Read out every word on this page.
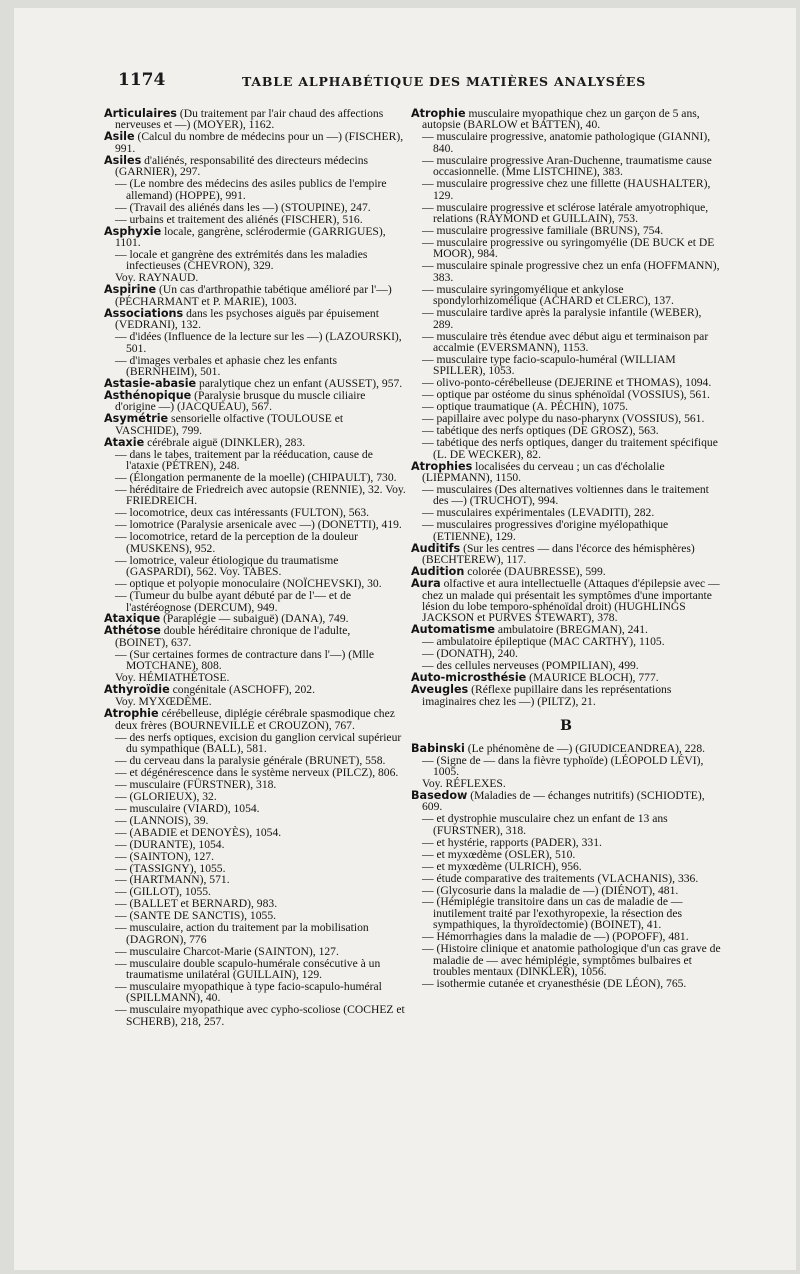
1174	TABLE ALPHABÉTIQUE DES MATIÈRES ANALYSÉES
Articulaires (Du traitement par l'air chaud des affections nerveuses et —) (MOYER), 1162.
Asile (Calcul du nombre de médecins pour un —) (FISCHER), 991.
Asiles d'aliénés, responsabilité des directeurs médecins (GARNIER), 297.
— (Le nombre des médecins des asiles publics de l'empire allemand) (HOPPE), 991.
— (Travail des aliénés dans les —) (STOUPINE), 247.
— urbains et traitement des aliénés (FISCHER), 516.
Asphyxie locale, gangrène, sclérodermie (GARRIGUES), 1101.
— locale et gangrène des extrémités dans les maladies infectieuses (CHEVRON), 329.
Voy. RAYNAUD.
Aspirine (Un cas d'arthropathie tabétique amélioré par l'—) (PÉCHARMANT et P. MARIE), 1003.
Associations dans les psychoses aiguës par épuisement (VEDRANI), 132.
— d'idées (Influence de la lecture sur les —) (LAZOURSKI), 501.
— d'images verbales et aphasie chez les enfants (BERNHEIM), 501.
Astasie-abasie paralytique chez un enfant (AUSSET), 957.
Asthénopique (Paralysie brusque du muscle ciliaire d'origine —) (JACQUEAU), 567.
Asymétrie sensorielle olfactive (TOULOUSE et VASCHIDE), 799.
Ataxie cérébrale aiguë (DINKLER), 283.
— dans le tabes, traitement par la rééducation, cause de l'ataxie (PÉTREN), 248.
— (Élongation permanente de la moelle) (CHIPAULT), 730.
— héréditaire de Friedreich avec autopsie (RENNIE), 32. Voy. FRIEDREICH.
— locomotrice, deux cas intéressants (FULTON), 563.
— lomotrice (Paralysie arsenicale avec —) (DONETTI), 419.
— locomotrice, retard de la perception de la douleur (MUSKENS), 952.
— lomotrice, valeur étiologique du traumatisme (GASPARDI), 562. Voy. TABES.
— optique et polyopie monoculaire (NOÏCHEVSKI), 30.
— (Tumeur du bulbe ayant débuté par de l'— et de l'astéréognose (DERCUM), 949.
Ataxique (Paraplégie — subaiguë) (DANA), 749.
Athétose double héréditaire chronique de l'adulte, (BOINET), 637.
— (Sur certaines formes de contracture dans l'—) (Mlle MOTCHANE), 808.
Voy. HÉMIATHÉTOSE.
Athyroïdie congénitale (ASCHOFF), 202.
Voy. MYXŒDÈME.
Atrophie cérébelleuse, diplégie cérébrale spasmodique chez deux frères (BOURNEVILLE et CROUZON), 767.
— des nerfs optiques, excision du ganglion cervical supérieur du sympathique (BALL), 581.
— du cerveau dans la paralysie générale (BRUNET), 558.
— et dégénérescence dans le système nerveux (PILCZ), 806.
— musculaire (FÜRSTNER), 318.
— (GLORIEUX), 32.
— musculaire (VIARD), 1054.
— (LANNOIS), 39.
— (ABADIE et DENOYÈS), 1054.
— (DURANTE), 1054.
— (SAINTON), 127.
— (TASSIGNY), 1055.
— (HARTMANN), 571.
— (GILLOT), 1055.
— (BALLET et BERNARD), 983.
— (SANTE DE SANCTIS), 1055.
— musculaire, action du traitement par la mobilisation (DAGRON), 776
— musculaire Charcot-Marie (SAINTON), 127.
— musculaire double scapulo-humérale consécutive à un traumatisme unilatéral (GUILLAIN), 129.
— musculaire myopathique à type facio-scapulo-huméral (SPILLMANN), 40.
— musculaire myopathique avec cypho-scoliose (COCHEZ et SCHERB), 218, 257.
Atrophie musculaire myopathique chez un garçon de 5 ans, autopsie (BARLOW et BATTEN), 40.
— musculaire progressive, anatomie pathologique (GIANNI), 840.
— musculaire progressive Aran-Duchenne, traumatisme cause occasionnelle. (Mme LISTCHINE), 383.
— musculaire progressive chez une fillette (HAUSHALTER), 129.
— musculaire progressive et sclérose latérale amyotrophique, relations (RAYMOND et GUILLAIN), 753.
— musculaire progressive familiale (BRUNS), 754.
— musculaire progressive ou syringomyélie (DE BUCK et DE MOOR), 984.
— musculaire spinale progressive chez un enfa (HOFFMANN), 383.
— musculaire syringomyélique et ankylose spondylorhizomélique (ACHARD et CLERC), 137.
— musculaire tardive après la paralysie infantile (WEBER), 289.
— musculaire très étendue avec début aigu et terminaison par accalmie (EVERSMANN), 1153.
— musculaire type facio-scapulo-huméral (WILLIAM SPILLER), 1053.
— olivo-ponto-cérébelleuse (DEJERINE et THOMAS), 1094.
— optique par ostéome du sinus sphénoïdal (VOSSIUS), 561.
— optique traumatique (A. PÉCHIN), 1075.
— papillaire avec polype du naso-pharynx (VOSSIUS), 561.
— tabétique des nerfs optiques (DE GROSZ), 563.
— tabétique des nerfs optiques, danger du traitement spécifique (L. DE WECKER), 82.
Atrophies localisées du cerveau ; un cas d'écholalie (LIEPMANN), 1150.
— musculaires (Des alternatives voltiennes dans le traitement des —) (TRUCHOT), 994.
— musculaires expérimentales (LEVADITI), 282.
— musculaires progressives d'origine myélopathique (ETIENNE), 129.
Auditifs (Sur les centres — dans l'écorce des hémisphères) (BECHTEREW), 117.
Audition colorée (DAUBRESSE), 599.
Aura olfactive et aura intellectuelle (Attaques d'épilepsie avec — chez un malade qui présentait les symptômes d'une importante lésion du lobe temporo-sphénoïdal droit) (HUGHLINGS JACKSON et PURVES STEWART), 378.
Automatisme ambulatoire (BREGMAN), 241.
— ambulatoire épileptique (MAC CARTHY), 1105.
— (DONATH), 240.
— des cellules nerveuses (POMPILIAN), 499.
Auto-microsthésie (MAURICE BLOCH), 777.
Aveugles (Réflexe pupillaire dans les représentations imaginaires chez les —) (PILTZ), 21.
B
Babinski (Le phénomène de —) (GIUDICEANDREA), 228.
— (Signe de — dans la fièvre typhoïde) (LÉOPOLD LÉVI), 1005.
Voy. RÉFLEXES.
Basedow (Maladies de — échanges nutritifs) (SCHIODTE), 609.
— et dystrophie musculaire chez un enfant de 13 ans (FURSTNER), 318.
— et hystérie, rapports (PADER), 331.
— et myxœdème (OSLER), 510.
— et myxœdème (ULRICH), 956.
— étude comparative des traitements (VLACHANIS), 336.
— (Glycosurie dans la maladie de —) (DIÉNOT), 481.
— (Hémiplégie transitoire dans un cas de maladie de — inutilement traité par l'exothyropexie, la résection des sympathiques, la thyroïdectomie) (BOINET), 41.
— Hémorrhagies dans la maladie de —) (POPOFF), 481.
— (Histoire clinique et anatomie pathologique d'un cas grave de maladie de — avec hémiplégie, symptômes bulbaires et troubles mentaux (DINKLER), 1056.
— isothermie cutanée et cryanesthésie (DE LÉON), 765.
